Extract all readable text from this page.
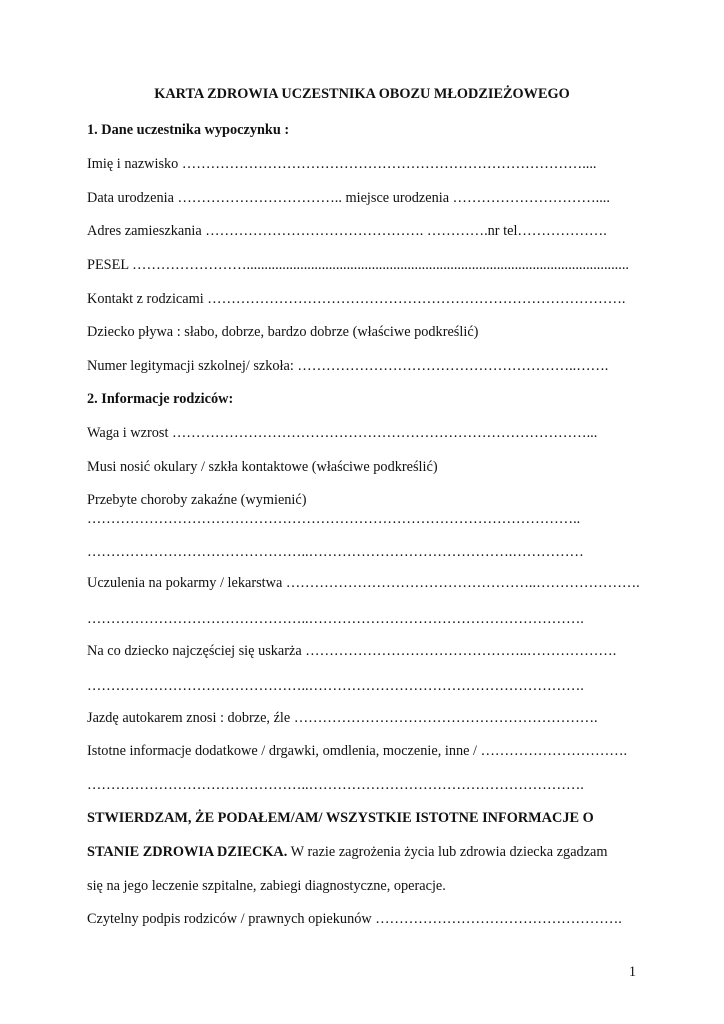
KARTA ZDROWIA UCZESTNIKA OBOZU MŁODZIEŻOWEGO
1. Dane uczestnika wypoczynku :
Imię i nazwisko …………………………………………………………………………....
Data urodzenia …………………………….. miejsce urodzenia …………………………....
Adres zamieszkania ………………………………………. ………….nr tel……………….
PESEL ……………………...........................................................................................................
Kontakt z rodzicami …………………………………………………………………………….
Dziecko pływa : słabo, dobrze, bardzo dobrze (właściwe podkreślić)
Numer legitymacji szkolnej/ szkoła: …………………………………………………..…….
2. Informacje rodziców:
Waga i wzrost ……………………………………………………………………………...
Musi nosić okulary / szkła kontaktowe (właściwe podkreślić)
Przebyte choroby zakaźne (wymienić)
…………………………………………………………………………………………..
………………………………………..…………………………………….……………
Uczulenia na pokarmy / lekarstwa ……………………………………………..………………….
………………………………………..………………………………………………….
Na co dziecko najczęściej się uskarża ………………………………………..……………….
………………………………………..………………………………………………….
Jazdę autokarem znosi : dobrze, źle ……………………………………………………….
Istotne informacje dodatkowe / drgawki, omdlenia, moczenie, inne / ………………………….
………………………………………..………………………………………………….
STWIERDZAM, ŻE PODAŁEM/AM/ WSZYSTKIE ISTOTNE INFORMACJE O
STANIE ZDROWIA DZIECKA. W razie zagrożenia życia lub zdrowia dziecka zgadzam
się na jego leczenie szpitalne, zabiegi diagnostyczne, operacje.
Czytelny podpis rodziców / prawnych opiekunów …………………………………………….
1
